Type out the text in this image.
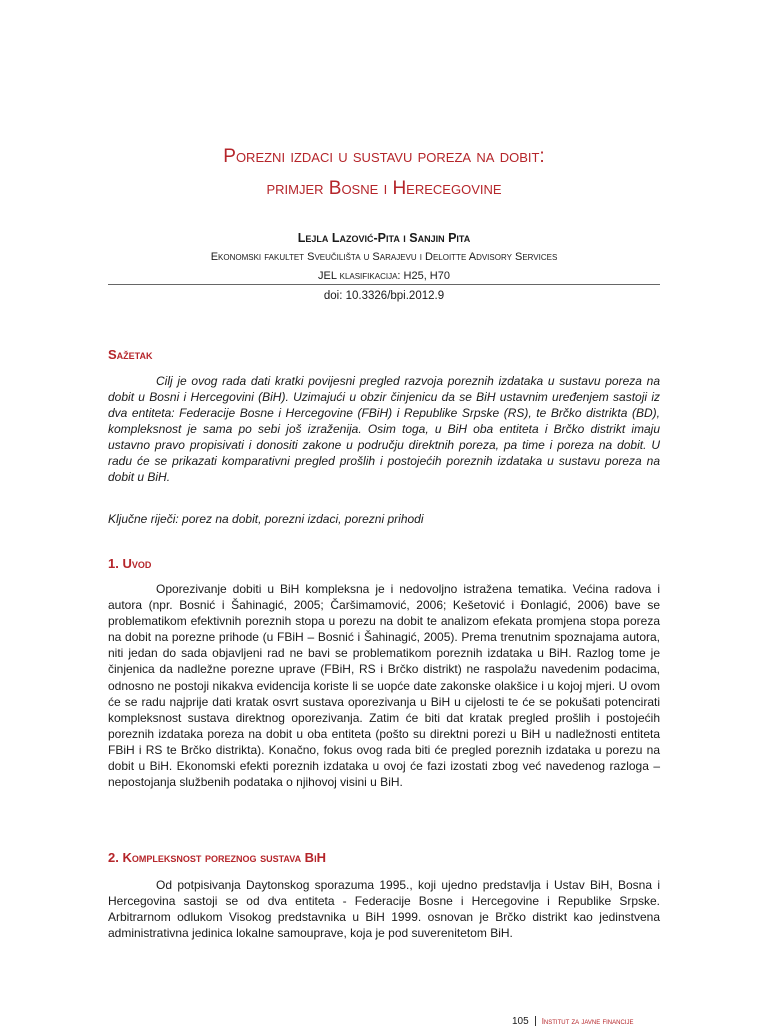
Porezni izdaci u sustavu poreza na dobit:
primjer Bosne i Herecegovine
Lejla Lazović-Pita i Sanjin Pita
Ekonomski fakultet Sveučilišta u Sarajevu i Deloitte Advisory Services
JEL klasifikacija: H25, H70
doi: 10.3326/bpi.2012.9
Sažetak

Cilj je ovog rada dati kratki povijesni pregled razvoja poreznih izdataka u sustavu poreza na dobit u Bosni i Hercegovini (BiH). Uzimajući u obzir činjenicu da se BiH ustavnim uređenjem sastoji iz dva entiteta: Federacije Bosne i Hercegovine (FBiH) i Republike Srpske (RS), te Brčko distrikta (BD), kompleksnost je sama po sebi još izraženija. Osim toga, u BiH oba entiteta i Brčko distrikt imaju ustavno pravo propisivati i donositi zakone u području direktnih poreza, pa time i poreza na dobit. U radu će se prikazati komparativni pregled prošlih i postojećih poreznih izdataka u sustavu poreza na dobit u BiH.

Ključne riječi: porez na dobit, porezni izdaci, porezni prihodi

1. Uvod

Oporezivanje dobiti u BiH kompleksna je i nedovoljno istražena tematika. Većina radova i autora (npr. Bosnić i Šahinagić, 2005; Čaršimamović, 2006; Kešetović i Đonlagić, 2006) bave se problematikom efektivnih poreznih stopa u porezu na dobit te analizom efekata promjena stopa poreza na dobit na porezne prihode (u FBiH – Bosnić i Šahinagić, 2005). Prema trenutnim spoznajama autora, niti jedan do sada objavljeni rad ne bavi se problematikom poreznih izdataka u BiH. Razlog tome je činjenica da nadležne porezne uprave (FBiH, RS i Brčko distrikt) ne raspolažu navedenim podacima, odnosno ne postoji nikakva evidencija koriste li se uopće date zakonske olakšice i u kojoj mjeri. U ovom će se radu najprije dati kratak osvrt sustava oporezivanja u BiH u cijelosti te će se pokušati potencirati kompleksnost sustava direktnog oporezivanja. Zatim će biti dat kratak pregled prošlih i postojećih poreznih izdataka poreza na dobit u oba entiteta (pošto su direktni porezi u BiH u nadležnosti entiteta FBiH i RS te Brčko distrikta). Konačno, fokus ovog rada biti će pregled poreznih izdataka u porezu na dobit u BiH. Ekonomski efekti poreznih izdataka u ovoj će fazi izostati zbog već navedenog razloga – nepostojanja službenih podataka o njihovoj visini u BiH.

2. Kompleksnost poreznog sustava BiH

Od potpisivanja Daytonskog sporazuma 1995., koji ujedno predstavlja i Ustav BiH, Bosna i Hercegovina sastoji se od dva entiteta - Federacije Bosne i Hercegovine i Republike Srpske. Arbitrarnom odlukom Visokog predstavnika u BiH 1999. osnovan je Brčko distrikt kao jedinstvena administrativna jedinica lokalne samouprave, koja je pod suverenitetom BiH.

105 Institut za javne financije
